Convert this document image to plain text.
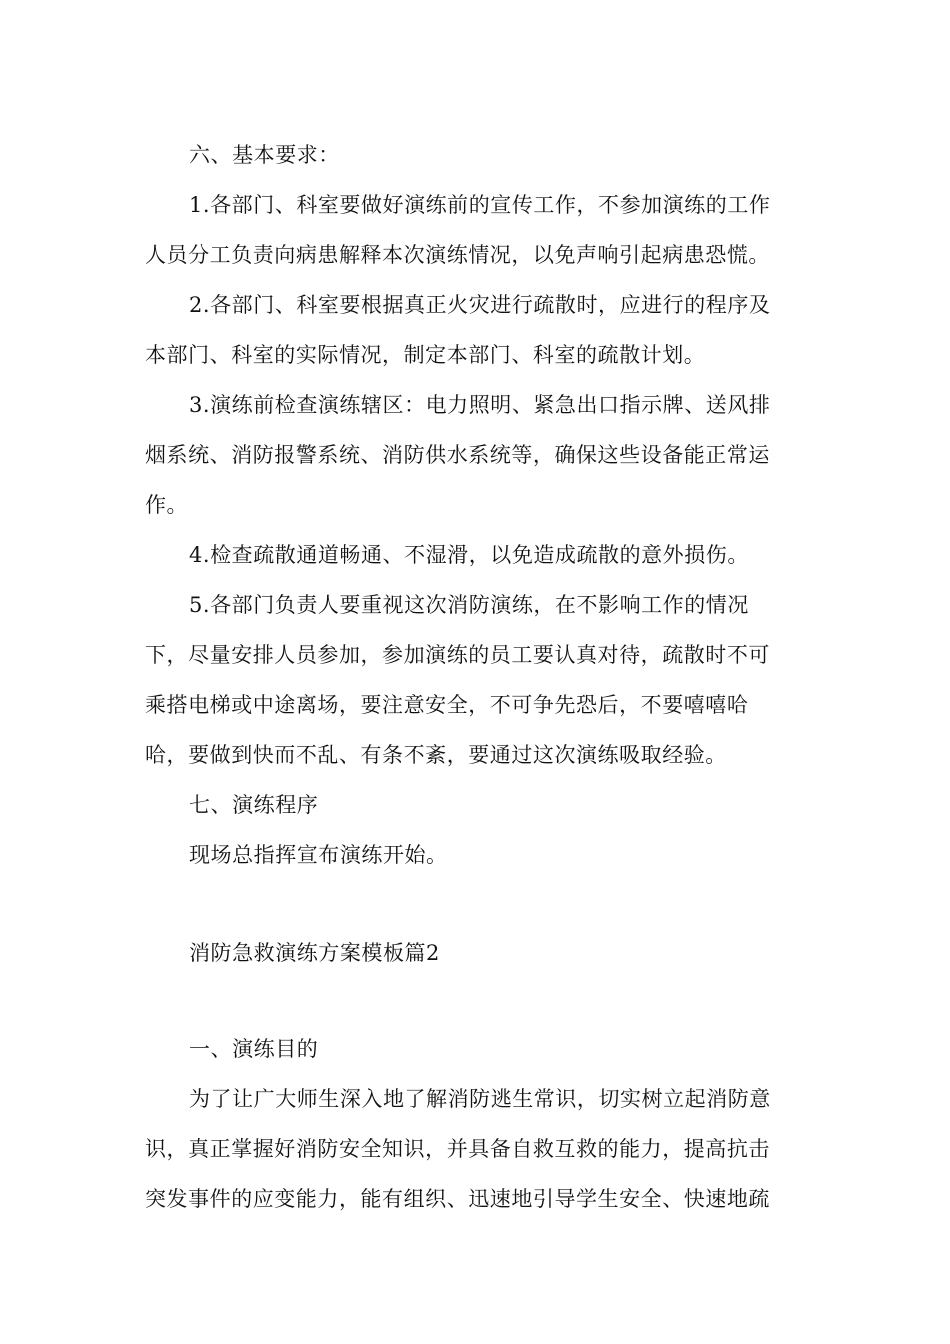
六、基本要求：
1.各部门、科室要做好演练前的宣传工作，不参加演练的工作
人员分工负责向病患解释本次演练情况，以免声响引起病患恐慌。
2.各部门、科室要根据真正火灾进行疏散时，应进行的程序及
本部门、科室的实际情况，制定本部门、科室的疏散计划。
3.演练前检查演练辖区：电力照明、紧急出口指示牌、送风排
烟系统、消防报警系统、消防供水系统等，确保这些设备能正常运
作。
4.检查疏散通道畅通、不湿滑，以免造成疏散的意外损伤。
5.各部门负责人要重视这次消防演练，在不影响工作的情况
下，尽量安排人员参加，参加演练的员工要认真对待，疏散时不可
乘搭电梯或中途离场，要注意安全，不可争先恐后，不要嘻嘻哈
哈，要做到快而不乱、有条不紊，要通过这次演练吸取经验。
七、演练程序
现场总指挥宣布演练开始。
消防急救演练方案模板篇2
一、演练目的
为了让广大师生深入地了解消防逃生常识，切实树立起消防意
识，真正掌握好消防安全知识，并具备自救互救的能力，提高抗击
突发事件的应变能力，能有组织、迅速地引导学生安全、快速地疏
